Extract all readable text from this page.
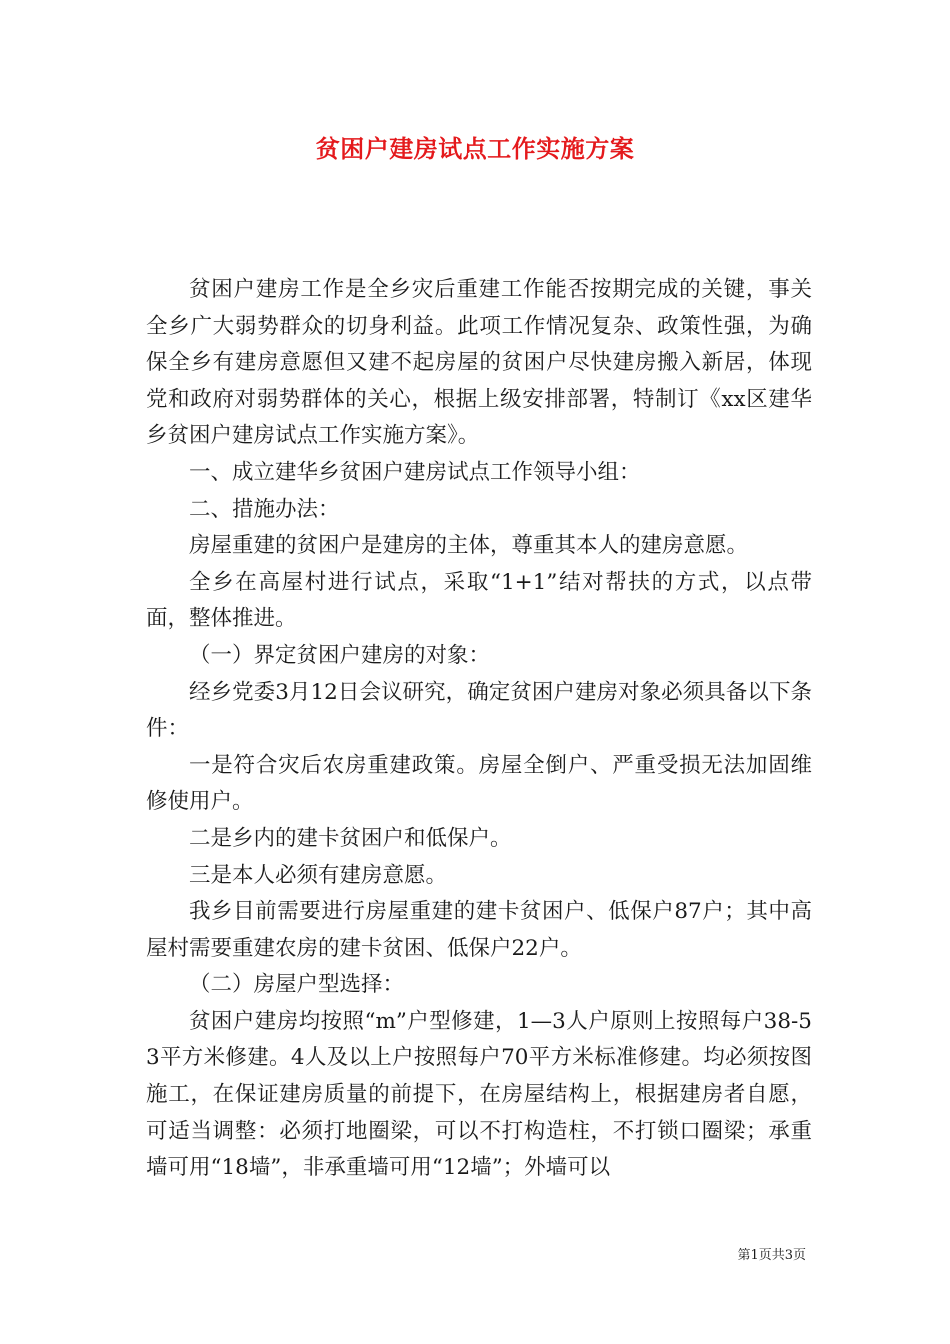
贫困户建房试点工作实施方案

贫困户建房工作是全乡灾后重建工作能否按期完成的关键，事关全乡广大弱势群众的切身利益。此项工作情况复杂、政策性强，为确保全乡有建房意愿但又建不起房屋的贫困户尽快建房搬入新居，体现党和政府对弱势群体的关心，根据上级安排部署，特制订《xx区建华乡贫困户建房试点工作实施方案》。

一、成立建华乡贫困户建房试点工作领导小组：

二、措施办法：

房屋重建的贫困户是建房的主体，尊重其本人的建房意愿。

全乡在高屋村进行试点，采取“1+1”结对帮扶的方式，以点带面，整体推进。

（一）界定贫困户建房的对象：

经乡党委3月12日会议研究，确定贫困户建房对象必须具备以下条件：

一是符合灾后农房重建政策。房屋全倒户、严重受损无法加固维修使用户。

二是乡内的建卡贫困户和低保户。

三是本人必须有建房意愿。

我乡目前需要进行房屋重建的建卡贫困户、低保户87户；其中高屋村需要重建农房的建卡贫困、低保户22户。

（二）房屋户型选择：

贫困户建房均按照“m”户型修建，1—3人户原则上按照每户38-53平方米修建。4人及以上户按照每户70平方米标准修建。均必须按图施工，在保证建房质量的前提下，在房屋结构上，根据建房者自愿，可适当调整：必须打地圈梁，可以不打构造柱，不打锁口圈梁；承重墙可用“18墙”，非承重墙可用“12墙”；外墙可以

第1页共3页
